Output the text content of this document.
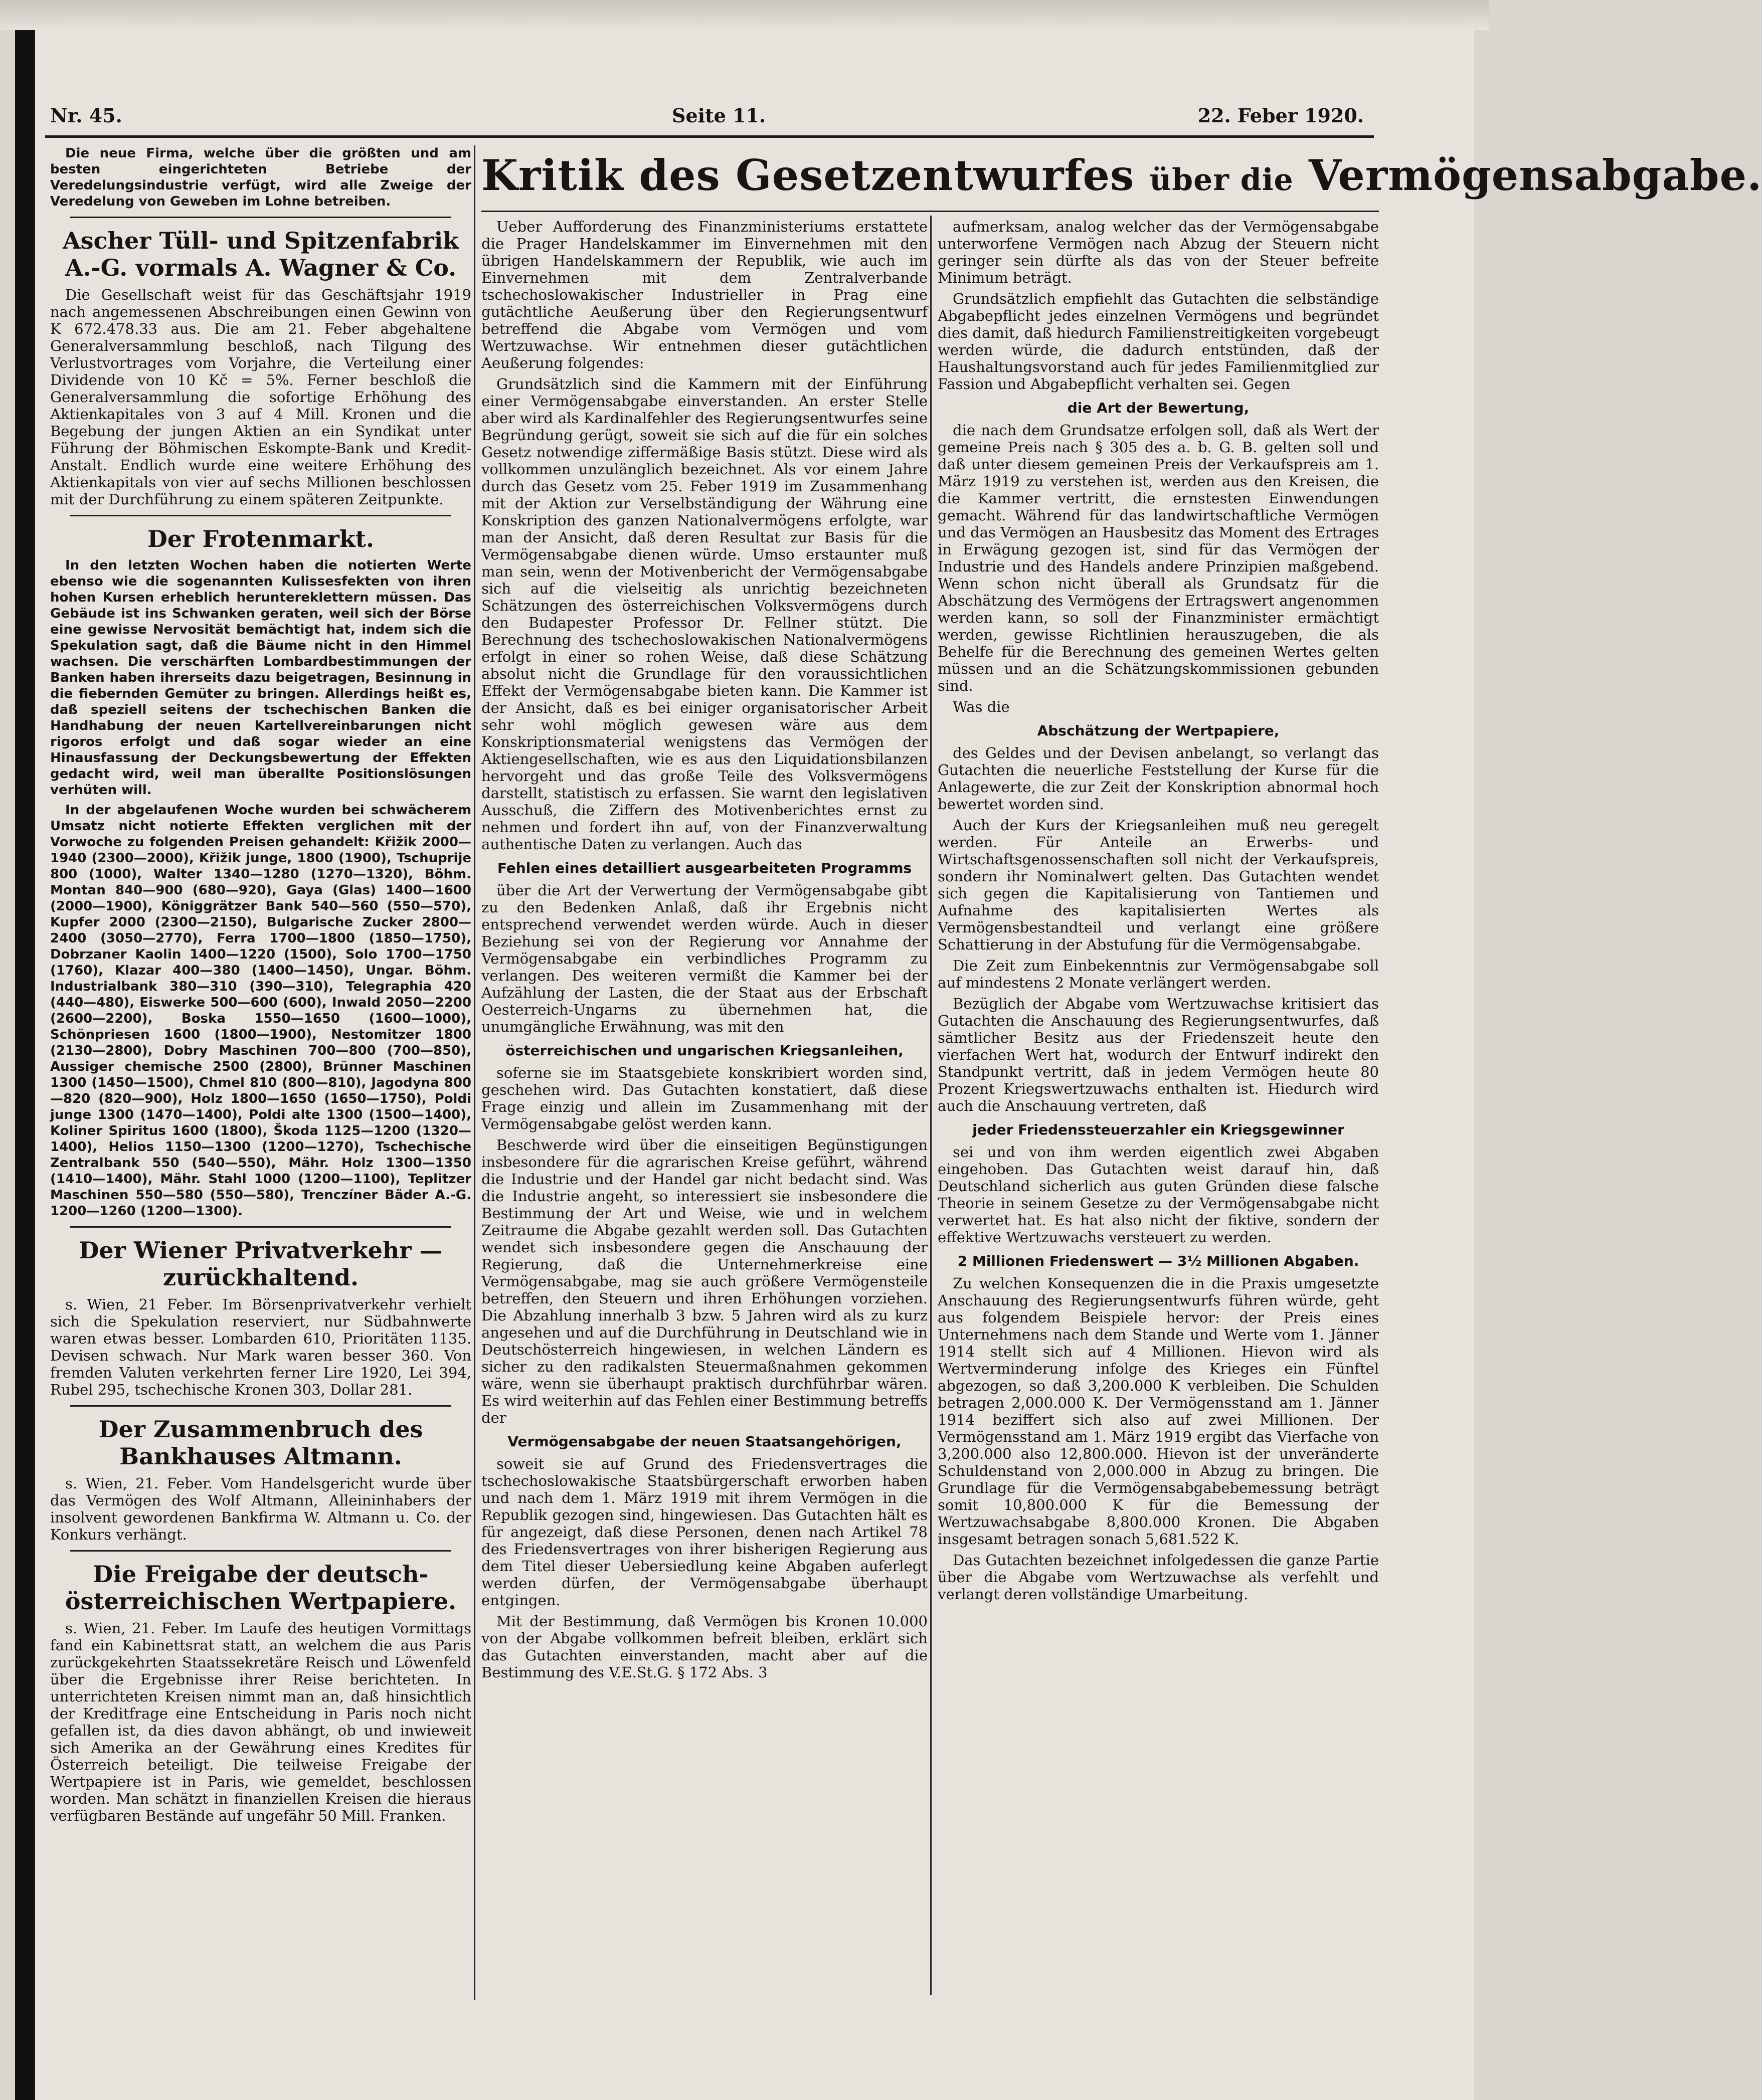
Nr. 45.	Seite 11.	22. Feber 1920.

Die neue Firma, welche über die größten und am besten eingerichteten Betriebe der Veredelungsindustrie verfügt, wird alle Zweige der Veredelung von Geweben im Lohne betreiben.

Ascher Tüll- und Spitzenfabrik A.-G. vormals A. Wagner & Co.

Die Gesellschaft weist für das Geschäftsjahr 1919 nach angemessenen Abschreibungen einen Gewinn von K 672.478.33 aus. Die am 21. Feber abgehaltene Generalversammlung beschloß, nach Tilgung des Verlustvortrages vom Vorjahre, die Verteilung einer Dividende von 10 Kč = 5%. Ferner beschloß die Generalversammlung die sofortige Erhöhung des Aktienkapitales von 3 auf 4 Mill. Kronen und die Begebung der jungen Aktien an ein Syndikat unter Führung der Böhmischen Eskompte-Bank und Kredit-Anstalt. Endlich wurde eine weitere Erhöhung des Aktienkapitals von vier auf sechs Millionen beschlossen mit der Durchführung zu einem späteren Zeitpunkte.

Der Frotenmarkt.

In den letzten Wochen haben die notierten Werte ebenso wie die sogenannten Kulissesfekten von ihren hohen Kursen erheblich heruntereklettern müssen. Das Gebäude ist ins Schwanken geraten, weil sich der Börse eine gewisse Nervosität bemächtigt hat, indem sich die Spekulation sagt, daß die Bäume nicht in den Himmel wachsen. Die verschärften Lombardbestimmungen der Banken haben ihrerseits dazu beigetragen, Besinnung in die fiebernden Gemüter zu bringen. Allerdings heißt es, daß speziell seitens der tschechischen Banken die Handhabung der neuen Kartellvereinbarungen nicht rigoros erfolgt und daß sogar wieder an eine Hinausfassung der Deckungsbewertung der Effekten gedacht wird, weil man überallte Positionslösungen verhüten will.

In der abgelaufenen Woche wurden bei schwächerem Umsatz nicht notierte Effekten verglichen mit der Vorwoche zu folgenden Preisen gehandelt: Křižik 2000—1940 (2300—2000), Křižik junge, 1800 (1900), Tschuprije 800 (1000), Walter 1340—1280 (1270—1320), Böhm. Montan 840—900 (680—920), Gaya (Glas) 1400—1600 (2000—1900), Königgrätzer Bank 540—560 (550—570), Kupfer 2000 (2300—2150), Bulgarische Zucker 2800—2400 (3050—2770), Ferra 1700—1800 (1850—1750), Dobrzaner Kaolin 1400—1220 (1500), Solo 1700—1750 (1760), Klazar 400—380 (1400—1450), Ungar. Böhm. Industrialbank 380—310 (390—310), Telegraphia 420 (440—480), Eiswerke 500—600 (600), Inwald 2050—2200 (2600—2200), Boska 1550—1650 (1600—1000), Schönpriesen 1600 (1800—1900), Nestomitzer 1800 (2130—2800), Dobry Maschinen 700—800 (700—850), Aussiger chemische 2500 (2800), Brünner Maschinen 1300 (1450—1500), Chmel 810 (800—810), Jagodyna 800—820 (820—900), Holz 1800—1650 (1650—1750), Poldi junge 1300 (1470—1400), Poldi alte 1300 (1500—1400), Koliner Spiritus 1600 (1800), Škoda 1125—1200 (1320—1400), Helios 1150—1300 (1200—1270), Tschechische Zentralbank 550 (540—550), Mähr. Holz 1300—1350 (1410—1400), Mähr. Stahl 1000 (1200—1100), Teplitzer Maschinen 550—580 (550—580), Trenczíner Bäder A.-G. 1200—1260 (1200—1300).

Der Wiener Privatverkehr — zurückhaltend.

s. Wien, 21 Feber. Im Börsenprivatverkehr verhielt sich die Spekulation reserviert, nur Südbahnwerte waren etwas besser. Lombarden 610, Prioritäten 1135. Devisen schwach. Nur Mark waren besser 360. Von fremden Valuten verkehrten ferner Lire 1920, Lei 394, Rubel 295, tschechische Kronen 303, Dollar 281.

Der Zusammenbruch des Bankhauses Altmann.

s. Wien, 21. Feber. Vom Handelsgericht wurde über das Vermögen des Wolf Altmann, Alleininhabers der insolvent gewordenen Bankfirma W. Altmann u. Co. der Konkurs verhängt.

Die Freigabe der deutsch-österreichischen Wertpapiere.

s. Wien, 21. Feber. Im Laufe des heutigen Vormittags fand ein Kabinettsrat statt, an welchem die aus Paris zurückgekehrten Staatssekretäre Reisch und Löwenfeld über die Ergebnisse ihrer Reise berichteten. In unterrichteten Kreisen nimmt man an, daß hinsichtlich der Kreditfrage eine Entscheidung in Paris noch nicht gefallen ist, da dies davon abhängt, ob und inwieweit sich Amerika an der Gewährung eines Kredites für Österreich beteiligt. Die teilweise Freigabe der Wertpapiere ist in Paris, wie gemeldet, beschlossen worden. Man schätzt in finanziellen Kreisen die hieraus verfügbaren Bestände auf ungefähr 50 Mill. Franken.

Kritik des Gesetzentwurfes über die Vermögensabgabe.

Ueber Aufforderung des Finanzministeriums erstattete die Prager Handelskammer im Einvernehmen mit den übrigen Handelskammern der Republik, wie auch im Einvernehmen mit dem Zentralverbande tschechoslowakischer Industrieller in Prag eine gutächtliche Aeußerung über den Regierungsentwurf betreffend die Abgabe vom Vermögen und vom Wertzuwachse. Wir entnehmen dieser gutächtlichen Aeußerung folgendes:

Grundsätzlich sind die Kammern mit der Einführung einer Vermögensabgabe einverstanden. An erster Stelle aber wird als Kardinalfehler des Regierungsentwurfes seine Begründung gerügt, soweit sie sich auf die für ein solches Gesetz notwendige ziffermäßige Basis stützt. Diese wird als vollkommen unzulänglich bezeichnet. Als vor einem Jahre durch das Gesetz vom 25. Feber 1919 im Zusammenhang mit der Aktion zur Verselbständigung der Währung eine Konskription des ganzen Nationalvermögens erfolgte, war man der Ansicht, daß deren Resultat zur Basis für die Vermögensabgabe dienen würde. Umso erstaunter muß man sein, wenn der Motivenbericht der Vermögensabgabe sich auf die vielseitig als unrichtig bezeichneten Schätzungen des österreichischen Volksvermögens durch den Budapester Professor Dr. Fellner stützt. Die Berechnung des tschechoslowakischen Nationalvermögens erfolgt in einer so rohen Weise, daß diese Schätzung absolut nicht die Grundlage für den voraussichtlichen Effekt der Vermögensabgabe bieten kann. Die Kammer ist der Ansicht, daß es bei einiger organisatorischer Arbeit sehr wohl möglich gewesen wäre aus dem Konskriptionsmaterial wenigstens das Vermögen der Aktiengesellschaften, wie es aus den Liquidationsbilanzen hervorgeht und das große Teile des Volksvermögens darstellt, statistisch zu erfassen. Sie warnt den legislativen Ausschuß, die Ziffern des Motivenberichtes ernst zu nehmen und fordert ihn auf, von der Finanzverwaltung authentische Daten zu verlangen. Auch das

Fehlen eines detailliert ausgearbeiteten Programms

über die Art der Verwertung der Vermögensabgabe gibt zu den Bedenken Anlaß, daß ihr Ergebnis nicht entsprechend verwendet werden würde. Auch in dieser Beziehung sei von der Regierung vor Annahme der Vermögensabgabe ein verbindliches Programm zu verlangen. Des weiteren vermißt die Kammer bei der Aufzählung der Lasten, die der Staat aus der Erbschaft Oesterreich-Ungarns zu übernehmen hat, die unumgängliche Erwähnung, was mit den

österreichischen und ungarischen Kriegsanleihen,

soferne sie im Staatsgebiete konskribiert worden sind, geschehen wird. Das Gutachten konstatiert, daß diese Frage einzig und allein im Zusammenhang mit der Vermögensabgabe gelöst werden kann.

Beschwerde wird über die einseitigen Begünstigungen insbesondere für die agrarischen Kreise geführt, während die Industrie und der Handel gar nicht bedacht sind. Was die Industrie angeht, so interessiert sie insbesondere die Bestimmung der Art und Weise, wie und in welchem Zeitraume die Abgabe gezahlt werden soll. Das Gutachten wendet sich insbesondere gegen die Anschauung der Regierung, daß die Unternehmerkreise eine Vermögensabgabe, mag sie auch größere Vermögensteile betreffen, den Steuern und ihren Erhöhungen vorziehen. Die Abzahlung innerhalb 3 bzw. 5 Jahren wird als zu kurz angesehen und auf die Durchführung in Deutschland wie in Deutschösterreich hingewiesen, in welchen Ländern es sicher zu den radikalsten Steuermaßnahmen gekommen wäre, wenn sie überhaupt praktisch durchführbar wären. Es wird weiterhin auf das Fehlen einer Bestimmung betreffs der

Vermögensabgabe der neuen Staatsangehörigen,

soweit sie auf Grund des Friedensvertrages die tschechoslowakische Staatsbürgerschaft erworben haben und nach dem 1. März 1919 mit ihrem Vermögen in die Republik gezogen sind, hingewiesen. Das Gutachten hält es für angezeigt, daß diese Personen, denen nach Artikel 78 des Friedensvertrages von ihrer bisherigen Regierung aus dem Titel dieser Uebersiedlung keine Abgaben auferlegt werden dürfen, der Vermögensabgabe überhaupt entgingen.

Mit der Bestimmung, daß Vermögen bis Kronen 10.000 von der Abgabe vollkommen befreit bleiben, erklärt sich das Gutachten einverstanden, macht aber auf die Bestimmung des V.E.St.G. § 172 Abs. 3

aufmerksam, analog welcher das der Vermögensabgabe unterworfene Vermögen nach Abzug der Steuern nicht geringer sein dürfte als das von der Steuer befreite Minimum beträgt.

Grundsätzlich empfiehlt das Gutachten die selbständige Abgabepflicht jedes einzelnen Vermögens und begründet dies damit, daß hiedurch Familienstreitigkeiten vorgebeugt werden würde, die dadurch entstünden, daß der Haushaltungsvorstand auch für jedes Familienmitglied zur Fassion und Abgabepflicht verhalten sei. Gegen

die Art der Bewertung,

die nach dem Grundsatze erfolgen soll, daß als Wert der gemeine Preis nach § 305 des a. b. G. B. gelten soll und daß unter diesem gemeinen Preis der Verkaufspreis am 1. März 1919 zu verstehen ist, werden aus den Kreisen, die die Kammer vertritt, die ernstesten Einwendungen gemacht. Während für das landwirtschaftliche Vermögen und das Vermögen an Hausbesitz das Moment des Ertrages in Erwägung gezogen ist, sind für das Vermögen der Industrie und des Handels andere Prinzipien maßgebend. Wenn schon nicht überall als Grundsatz für die Abschätzung des Vermögens der Ertragswert angenommen werden kann, so soll der Finanzminister ermächtigt werden, gewisse Richtlinien herauszugeben, die als Behelfe für die Berechnung des gemeinen Wertes gelten müssen und an die Schätzungskommissionen gebunden sind.

Was die

Abschätzung der Wertpapiere,

des Geldes und der Devisen anbelangt, so verlangt das Gutachten die neuerliche Feststellung der Kurse für die Anlagewerte, die zur Zeit der Konskription abnormal hoch bewertet worden sind.

Auch der Kurs der Kriegsanleihen muß neu geregelt werden. Für Anteile an Erwerbs- und Wirtschaftsgenossenschaften soll nicht der Verkaufspreis, sondern ihr Nominalwert gelten. Das Gutachten wendet sich gegen die Kapitalisierung von Tantiemen und Aufnahme des kapitalisierten Wertes als Vermögensbestandteil und verlangt eine größere Schattierung in der Abstufung für die Vermögensabgabe.

Die Zeit zum Einbekenntnis zur Vermögensabgabe soll auf mindestens 2 Monate verlängert werden.

Bezüglich der Abgabe vom Wertzuwachse kritisiert das Gutachten die Anschauung des Regierungsentwurfes, daß sämtlicher Besitz aus der Friedenszeit heute den vierfachen Wert hat, wodurch der Entwurf indirekt den Standpunkt vertritt, daß in jedem Vermögen heute 80 Prozent Kriegswertzuwachs enthalten ist. Hiedurch wird auch die Anschauung vertreten, daß

jeder Friedenssteuerzahler ein Kriegsgewinner

sei und von ihm werden eigentlich zwei Abgaben eingehoben. Das Gutachten weist darauf hin, daß Deutschland sicherlich aus guten Gründen diese falsche Theorie in seinem Gesetze zu der Vermögensabgabe nicht verwertet hat. Es hat also nicht der fiktive, sondern der effektive Wertzuwachs versteuert zu werden.

2 Millionen Friedenswert — 3½ Millionen Abgaben.

Zu welchen Konsequenzen die in die Praxis umgesetzte Anschauung des Regierungsentwurfs führen würde, geht aus folgendem Beispiele hervor: der Preis eines Unternehmens nach dem Stande und Werte vom 1. Jänner 1914 stellt sich auf 4 Millionen. Hievon wird als Wertverminderung infolge des Krieges ein Fünftel abgezogen, so daß 3,200.000 K verbleiben. Die Schulden betragen 2,000.000 K. Der Vermögensstand am 1. Jänner 1914 beziffert sich also auf zwei Millionen. Der Vermögensstand am 1. März 1919 ergibt das Vierfache von 3,200.000 also 12,800.000. Hievon ist der unveränderte Schuldenstand von 2,000.000 in Abzug zu bringen. Die Grundlage für die Vermögensabgabebemessung beträgt somit 10,800.000 K für die Bemessung der Wertzuwachsabgabe 8,800.000 Kronen. Die Abgaben insgesamt betragen sonach 5,681.522 K.

Das Gutachten bezeichnet infolgedessen die ganze Partie über die Abgabe vom Wertzuwachse als verfehlt und verlangt deren vollständige Umarbeitung.
